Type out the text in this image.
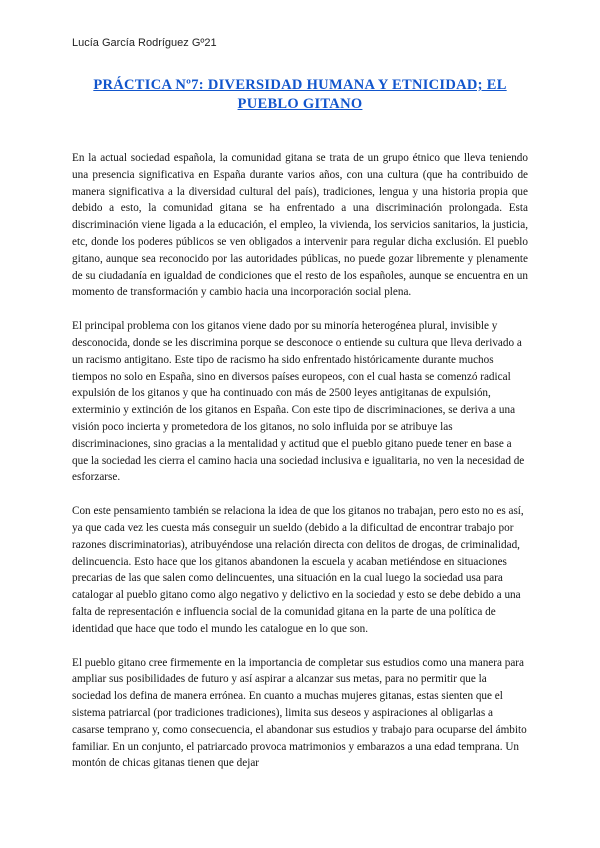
Lucía García Rodríguez Gº21

PRÁCTICA Nº7: DIVERSIDAD HUMANA Y ETNICIDAD; EL PUEBLO GITANO

En la actual sociedad española, la comunidad gitana se trata de un grupo étnico que lleva teniendo una presencia significativa en España durante varios años, con una cultura (que ha contribuido de manera significativa a la diversidad cultural del país), tradiciones, lengua y una historia propia que debido a esto, la comunidad gitana se ha enfrentado a una discriminación prolongada. Esta discriminación viene ligada a la educación, el empleo, la vivienda, los servicios sanitarios, la justicia, etc, donde los poderes públicos se ven obligados a intervenir para regular dicha exclusión. El pueblo gitano, aunque sea reconocido por las autoridades públicas, no puede gozar libremente y plenamente de su ciudadanía en igualdad de condiciones que el resto de los españoles, aunque se encuentra en un momento de transformación y cambio hacia una incorporación social plena.

El principal problema con los gitanos viene dado por su minoría heterogénea plural, invisible y desconocida, donde se les discrimina porque se desconoce o entiende su cultura que lleva derivado a un racismo antigitano. Este tipo de racismo ha sido enfrentado históricamente durante muchos tiempos no solo en España, sino en diversos países europeos, con el cual hasta se comenzó radical expulsión de los gitanos y que ha continuado con más de 2500 leyes antigitanas de expulsión, exterminio y extinción de los gitanos en España. Con este tipo de discriminaciones, se deriva a una visión poco incierta y prometedora de los gitanos, no solo influida por se atribuye las discriminaciones, sino gracias a la mentalidad y actitud que el pueblo gitano puede tener en base a que la sociedad les cierra el camino hacia una sociedad inclusiva e igualitaria, no ven la necesidad de esforzarse.

Con este pensamiento también se relaciona la idea de que los gitanos no trabajan, pero esto no es así, ya que cada vez les cuesta más conseguir un sueldo (debido a la dificultad de encontrar trabajo por razones discriminatorias), atribuyéndose una relación directa con delitos de drogas, de criminalidad, delincuencia. Esto hace que los gitanos abandonen la escuela y acaban metiéndose en situaciones precarias de las que salen como delincuentes, una situación en la cual luego la sociedad usa para catalogar al pueblo gitano como algo negativo y delictivo en la sociedad y esto se debe debido a una falta de representación e influencia social de la comunidad gitana en la parte de una política de identidad que hace que todo el mundo les catalogue en lo que son.

El pueblo gitano cree firmemente en la importancia de completar sus estudios como una manera para ampliar sus posibilidades de futuro y así aspirar a alcanzar sus metas, para no permitir que la sociedad los defina de manera errónea. En cuanto a muchas mujeres gitanas, estas sienten que el sistema patriarcal (por tradiciones tradiciones), limita sus deseos y aspiraciones al obligarlas a casarse temprano y, como consecuencia, el abandonar sus estudios y trabajo para ocuparse del ámbito familiar. En un conjunto, el patriarcado provoca matrimonios y embarazos a una edad temprana. Un montón de chicas gitanas tienen que dejar
